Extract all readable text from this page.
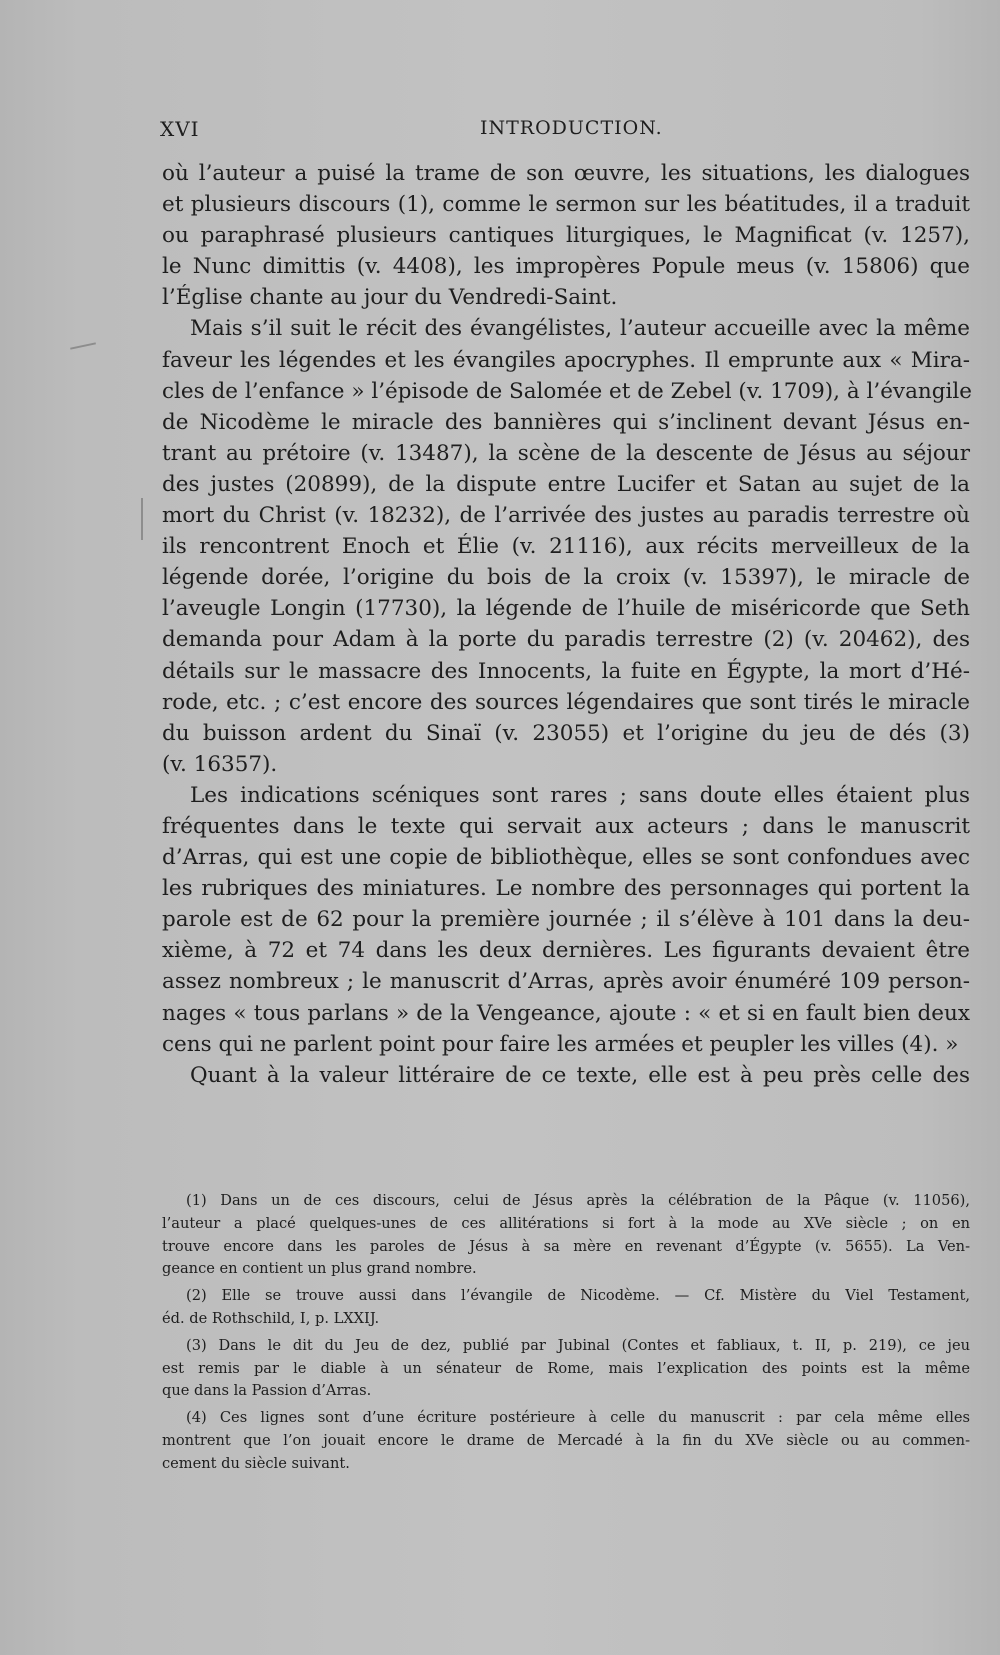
XVI	INTRODUCTION.
où l’auteur a puisé la trame de son œuvre, les situations, les dialogues
et plusieurs discours (1), comme le sermon sur les béatitudes, il a traduit
ou paraphrasé plusieurs cantiques liturgiques, le Magnificat (v. 1257),
le Nunc dimittis (v. 4408), les impropères Popule meus (v. 15806) que
l’Église chante au jour du Vendredi-Saint.
Mais s’il suit le récit des évangélistes, l’auteur accueille avec la même
faveur les légendes et les évangiles apocryphes. Il emprunte aux « Mira-
cles de l’enfance » l’épisode de Salomée et de Zebel (v. 1709), à l’évangile
de Nicodème le miracle des bannières qui s’inclinent devant Jésus en-
trant au prétoire (v. 13487), la scène de la descente de Jésus au séjour
des justes (20899), de la dispute entre Lucifer et Satan au sujet de la
mort du Christ (v. 18232), de l’arrivée des justes au paradis terrestre où
ils rencontrent Enoch et Élie (v. 21116), aux récits merveilleux de la
légende dorée, l’origine du bois de la croix (v. 15397), le miracle de
l’aveugle Longin (17730), la légende de l’huile de miséricorde que Seth
demanda pour Adam à la porte du paradis terrestre (2) (v. 20462), des
détails sur le massacre des Innocents, la fuite en Égypte, la mort d’Hé-
rode, etc. ; c’est encore des sources légendaires que sont tirés le miracle
du buisson ardent du Sinaï (v. 23055) et l’origine du jeu de dés (3)
(v. 16357).
Les indications scéniques sont rares ; sans doute elles étaient plus
fréquentes dans le texte qui servait aux acteurs ; dans le manuscrit
d’Arras, qui est une copie de bibliothèque, elles se sont confondues avec
les rubriques des miniatures. Le nombre des personnages qui portent la
parole est de 62 pour la première journée ; il s’élève à 101 dans la deu-
xième, à 72 et 74 dans les deux dernières. Les figurants devaient être
assez nombreux ; le manuscrit d’Arras, après avoir énuméré 109 person-
nages « tous parlans » de la Vengeance, ajoute : « et si en fault bien deux
cens qui ne parlent point pour faire les armées et peupler les villes (4). »
Quant à la valeur littéraire de ce texte, elle est à peu près celle des
(1) Dans un de ces discours, celui de Jésus après la célébration de la Pâque (v. 11056),
l’auteur a placé quelques-unes de ces allitérations si fort à la mode au XVe siècle ; on en
trouve encore dans les paroles de Jésus à sa mère en revenant d’Égypte (v. 5655). La Ven-
geance en contient un plus grand nombre.
(2) Elle se trouve aussi dans l’évangile de Nicodème. — Cf. Mistère du Viel Testament,
éd. de Rothschild, I, p. LXXIJ.
(3) Dans le dit du Jeu de dez, publié par Jubinal (Contes et fabliaux, t. II, p. 219), ce jeu
est remis par le diable à un sénateur de Rome, mais l’explication des points est la même
que dans la Passion d’Arras.
(4) Ces lignes sont d’une écriture postérieure à celle du manuscrit : par cela même elles
montrent que l’on jouait encore le drame de Mercadé à la fin du XVe siècle ou au commen-
cement du siècle suivant.
